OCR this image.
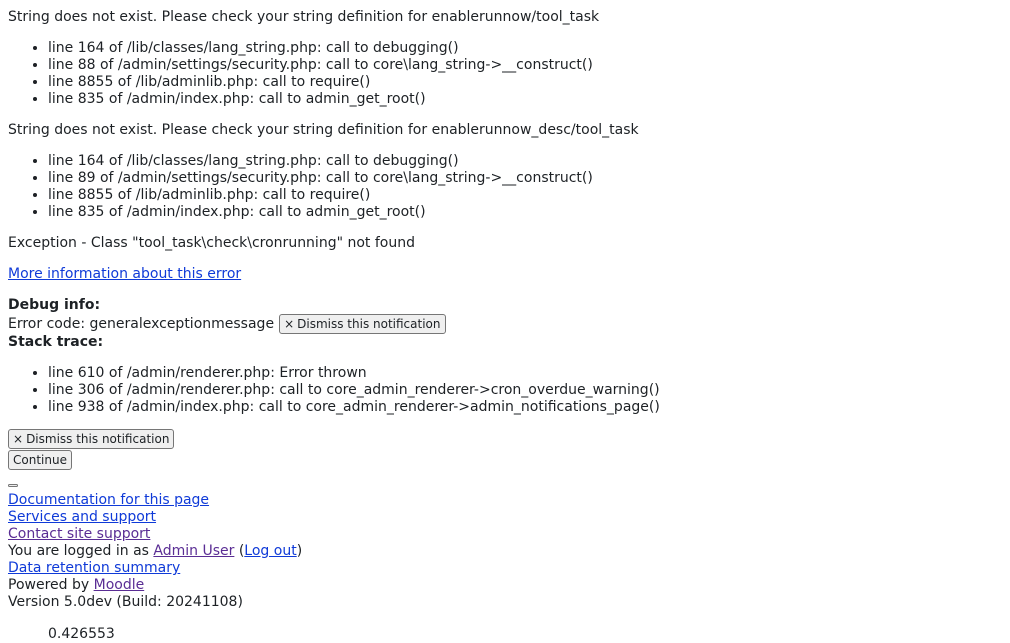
String does not exist. Please check your string definition for enablerunnow/tool_task

• line 164 of /lib/classes/lang_string.php: call to debugging()
• line 88 of /admin/settings/security.php: call to core\lang_string->__construct()
• line 8855 of /lib/adminlib.php: call to require()
• line 835 of /admin/index.php: call to admin_get_root()

String does not exist. Please check your string definition for enablerunnow_desc/tool_task

• line 164 of /lib/classes/lang_string.php: call to debugging()
• line 89 of /admin/settings/security.php: call to core\lang_string->__construct()
• line 8855 of /lib/adminlib.php: call to require()
• line 835 of /admin/index.php: call to admin_get_root()

Exception - Class "tool_task\check\cronrunning" not found

More information about this error

Debug info:

Error code: generalexceptionmessage × Dismiss this notification

Stack trace:

• line 610 of /admin/renderer.php: Error thrown
• line 306 of /admin/renderer.php: call to core_admin_renderer->cron_overdue_warning()
• line 938 of /admin/index.php: call to core_admin_renderer->admin_notifications_page()
× Dismiss this notification
Continue
Documentation for this page
Services and support
Contact site support
You are logged in as Admin User (Log out)
Data retention summary
Powered by Moodle
Version 5.0dev (Build: 20241108)
0.426553
